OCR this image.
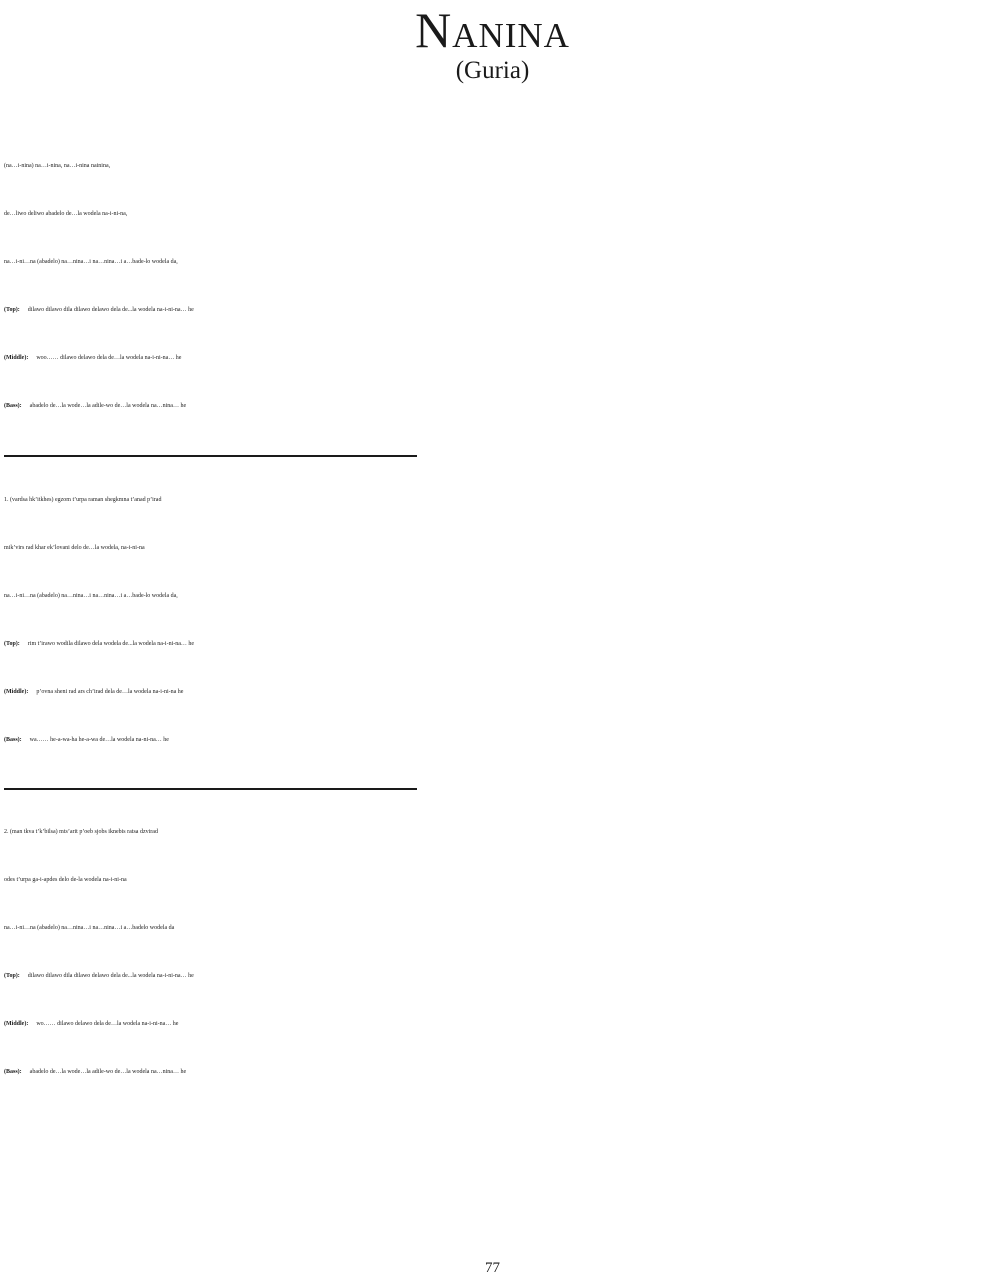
Nanina
(Guria)
(na…i-nina) na…i-nina, na…i-nina nainina,
de…liwo deliwo abadelo de…la wodela na-i-ni-na,
na…i-ni…na (abadelo) na…nina…i na…nina…i a…bade-lo wodela da,
(Top): dilawo dilawo dila dilawo delawo dela de...la wodela na-i-ni-na… he
(Middle): woo…… dilawo delawo dela de…la wodela na-i-ni-na… he
(Bass): abadelo de…la wode…la adile-wo de…la wodela na…nina… he
1. (vardsa hk’itkhes) egzom t’urpa raman shegkmna t’anad p’irad
mik’virs rad khar ek’lovani delo de…la wodela, na-i-ni-na
na…i-ni…na (abadelo) na…nina…i na…nina…i a…bade-lo wodela da,
(Top): rim t’irawo wodila dilawo dela wodela de...la wodela na-i-ni-na… he
(Middle): p’ovna sheni rad ars ch’irad dela de…la wodela na-i-ni-na he
(Bass): wa…… he-a-wa-ha he-a-wa de…la wodela na-ni-na… he
2. (man tkva t’k’bilsa) mts’arit p’oeb sjobs iknebis ratsa dzvirad
odes t’urpa ga-i-apdes delo de-la wodela na-i-ni-na
na…i-ni…na (abadelo) na…nina…i na…nina…i a…badelo wodela da
(Top): dilawo dilawo dila dilawo delawo dela de...la wodela na-i-ni-na… he
(Middle): wo…… dilawo delawo dela de…la wodela na-i-ni-na… he
(Bass): abadelo de…la wode…la adile-wo de…la wodela na…nina… he
77
